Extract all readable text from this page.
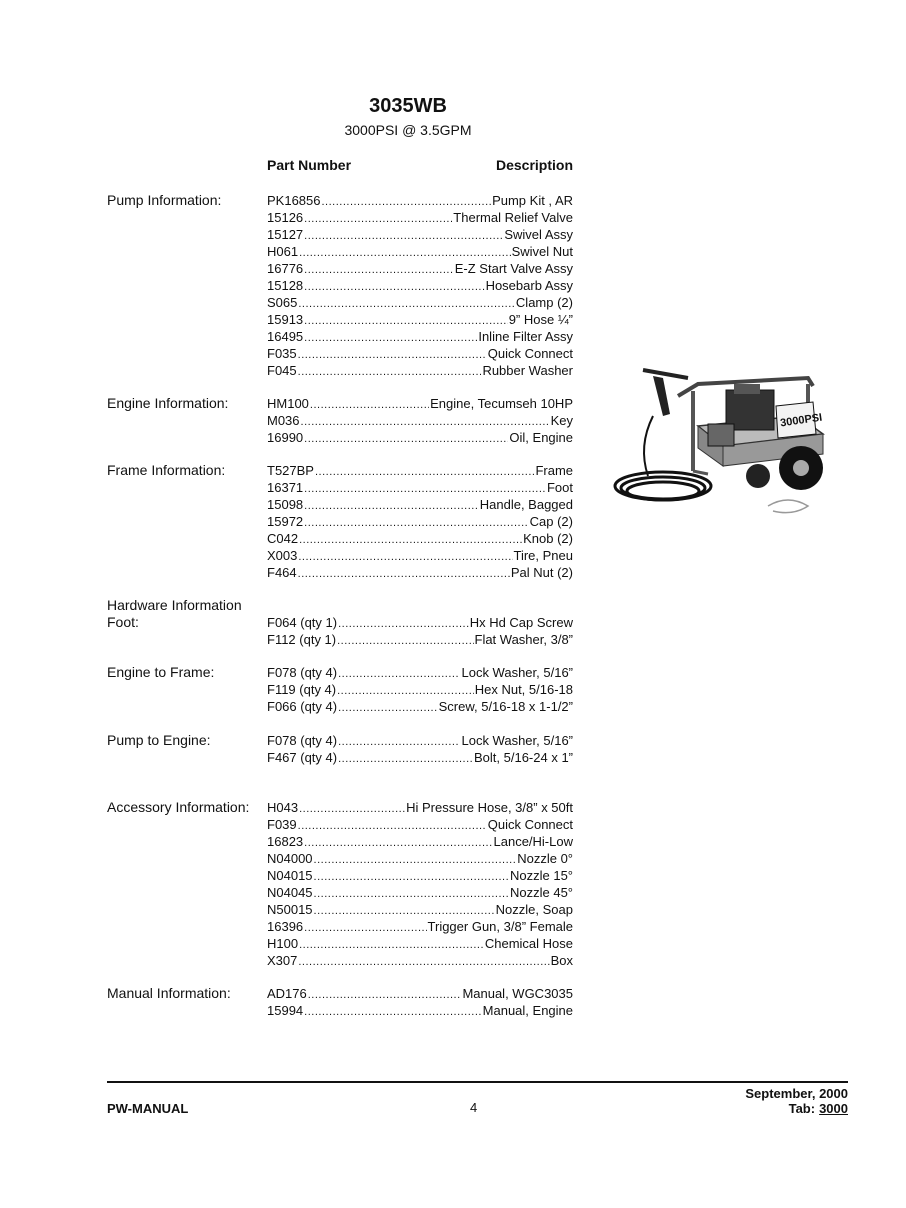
3035WB
3000PSI @ 3.5GPM
Part Number	Description
Pump Information:	PK16856 .....	Pump Kit , AR
15126 .....	Thermal Relief Valve
15127 .....	Swivel Assy
H061 .....	Swivel Nut
16776 .....	E-Z Start Valve Assy
15128 .....	Hosebarb Assy
S065 .....	Clamp (2)
15913 .....	9” Hose ¼”
16495 .....	Inline Filter Assy
F035 .....	Quick Connect
F045 .....	Rubber Washer
Engine Information:	HM100 .....	Engine, Tecumseh 10HP
M036 .....	Key
16990 .....	Oil, Engine
Frame Information:	T527BP .....	Frame
16371 .....	Foot
15098 .....	Handle, Bagged
15972 .....	Cap (2)
C042 .....	Knob (2)
X003 .....	Tire, Pneu
F464 .....	Pal Nut (2)
Hardware Information
Foot:	F064 (qty 1) .....	Hx Hd Cap Screw
F112 (qty 1) .....	Flat Washer, 3/8”
Engine to Frame:	F078 (qty 4) .....	Lock Washer, 5/16”
F119 (qty 4) .....	Hex Nut, 5/16-18
F066 (qty 4) .....	Screw, 5/16-18 x 1-1/2”
Pump to Engine:	F078 (qty 4) .....	Lock Washer, 5/16”
F467 (qty 4) .....	Bolt, 5/16-24 x 1”
Accessory Information: H043 .....	Hi Pressure Hose, 3/8” x 50ft
F039 .....	Quick Connect
16823 .....	Lance/Hi-Low
N04000 .....	Nozzle 0°
N04015 .....	Nozzle 15°
N04045 .....	Nozzle 45°
N50015 .....	Nozzle, Soap
16396 .....	Trigger Gun, 3/8” Female
H100 .....	Chemical Hose
X307 .....	Box
Manual Information:	AD176 .....	Manual, WGC3035
15994 .....	Manual, Engine
3000PSI
PW-MANUAL	4
September, 2000
Tab: 3000
